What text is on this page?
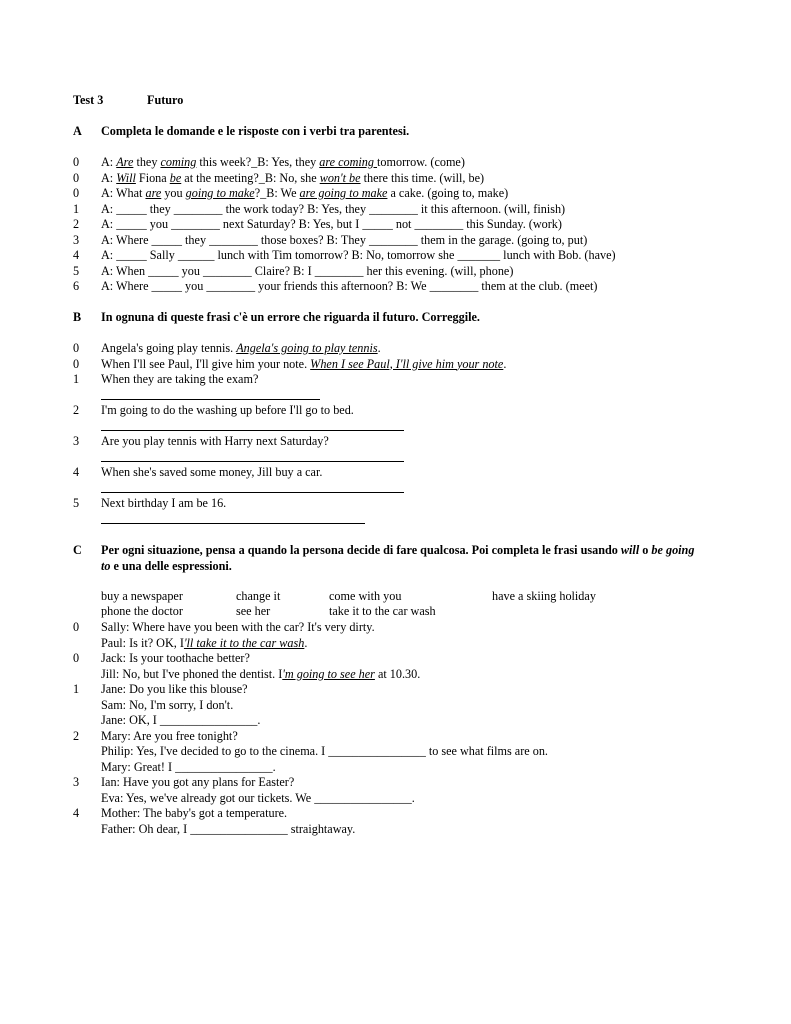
Test 3	Futuro
A Completa le domande e le risposte con i verbi tra parentesi.
0	A: Are they coming this week?_B: Yes, they are coming tomorrow. (come)
0	A: Will Fiona be at the meeting?_B: No, she won't be there this time. (will, be)
0	A: What are you going to make?_B: We are going to make a cake. (going to, make)
1	A: _____ they ________ the work today? B: Yes, they ________ it this afternoon. (will, finish)
2	A: _____ you ________ next Saturday? B: Yes, but I _____ not ________ this Sunday. (work)
3	A: Where _____ they ________ those boxes? B: They ________ them in the garage. (going to, put)
4	A: _____ Sally ______ lunch with Tim tomorrow? B: No, tomorrow she _______ lunch with Bob. (have)
5	A: When _____ you ________ Claire? B: I ________ her this evening. (will, phone)
6	A: Where _____ you ________ your friends this afternoon? B: We ________ them at the club. (meet)
B In ognuna di queste frasi c'è un errore che riguarda il futuro. Correggile.
0	Angela's going play tennis. Angela's going to play tennis.
0	When I'll see Paul, I'll give him your note. When I see Paul, I'll give him your note.
1	When they are taking the exam?
2	I'm going to do the washing up before I'll go to bed.
3	Are you play tennis with Harry next Saturday?
4	When she's saved some money, Jill buy a car.
5	Next birthday I am be 16.
C Per ogni situazione, pensa a quando la persona decide di fare qualcosa. Poi completa le frasi usando will o be going to e una delle espressioni.
buy a newspaper	change it	come with you	have a skiing holiday
phone the doctor	see her	take it to the car wash
0	Sally: Where have you been with the car? It's very dirty.
Paul: Is it? OK, I'll take it to the car wash.
0	Jack: Is your toothache better?
Jill: No, but I've phoned the dentist. I'm going to see her at 10.30.
1	Jane: Do you like this blouse?
Sam: No, I'm sorry, I don't.
Jane: OK, I ________________.
2	Mary: Are you free tonight?
Philip: Yes, I've decided to go to the cinema. I ________________ to see what films are on.
Mary: Great! I ________________.
3	Ian: Have you got any plans for Easter?
Eva: Yes, we've already got our tickets. We ________________.
4	Mother: The baby's got a temperature.
Father: Oh dear, I ________________ straightaway.
